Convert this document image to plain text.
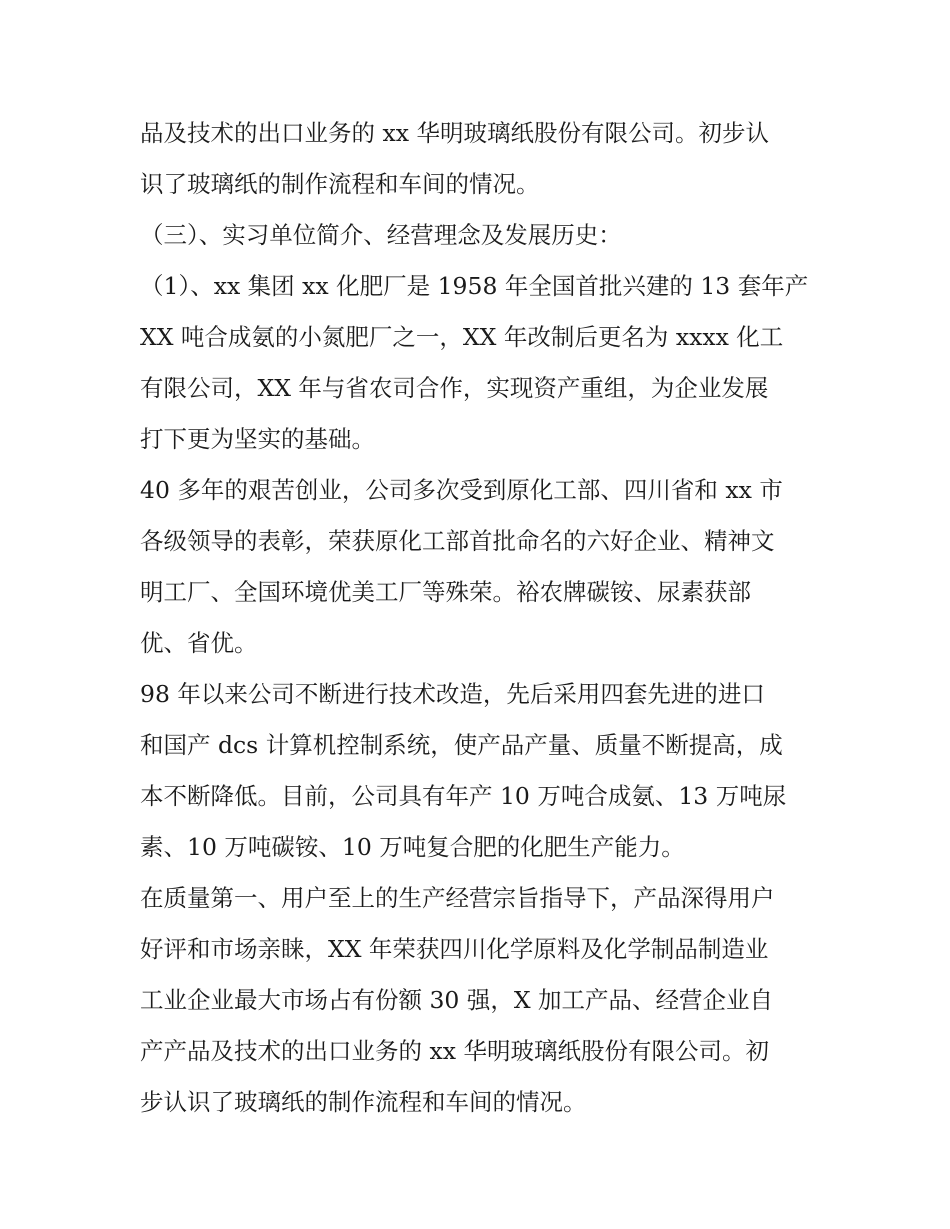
品及技术的出口业务的 xx 华明玻璃纸股份有限公司。初步认
识了玻璃纸的制作流程和车间的情况。
（三）、实习单位简介、经营理念及发展历史：
（1）、xx 集团 xx 化肥厂是 1958 年全国首批兴建的 13 套年产
XX 吨合成氨的小氮肥厂之一，XX 年改制后更名为 xxxx 化工
有限公司，XX 年与省农司合作，实现资产重组，为企业发展
打下更为坚实的基础。
40 多年的艰苦创业，公司多次受到原化工部、四川省和 xx 市
各级领导的表彰，荣获原化工部首批命名的六好企业、精神文
明工厂、全国环境优美工厂等殊荣。裕农牌碳铵、尿素获部
优、省优。
98 年以来公司不断进行技术改造，先后采用四套先进的进口
和国产 dcs 计算机控制系统，使产品产量、质量不断提高，成
本不断降低。目前，公司具有年产 10 万吨合成氨、13 万吨尿
素、10 万吨碳铵、10 万吨复合肥的化肥生产能力。
在质量第一、用户至上的生产经营宗旨指导下，产品深得用户
好评和市场亲睐，XX 年荣获四川化学原料及化学制品制造业
工业企业最大市场占有份额 30 强，X 加工产品、经营企业自
产产品及技术的出口业务的 xx 华明玻璃纸股份有限公司。初
步认识了玻璃纸的制作流程和车间的情况。
